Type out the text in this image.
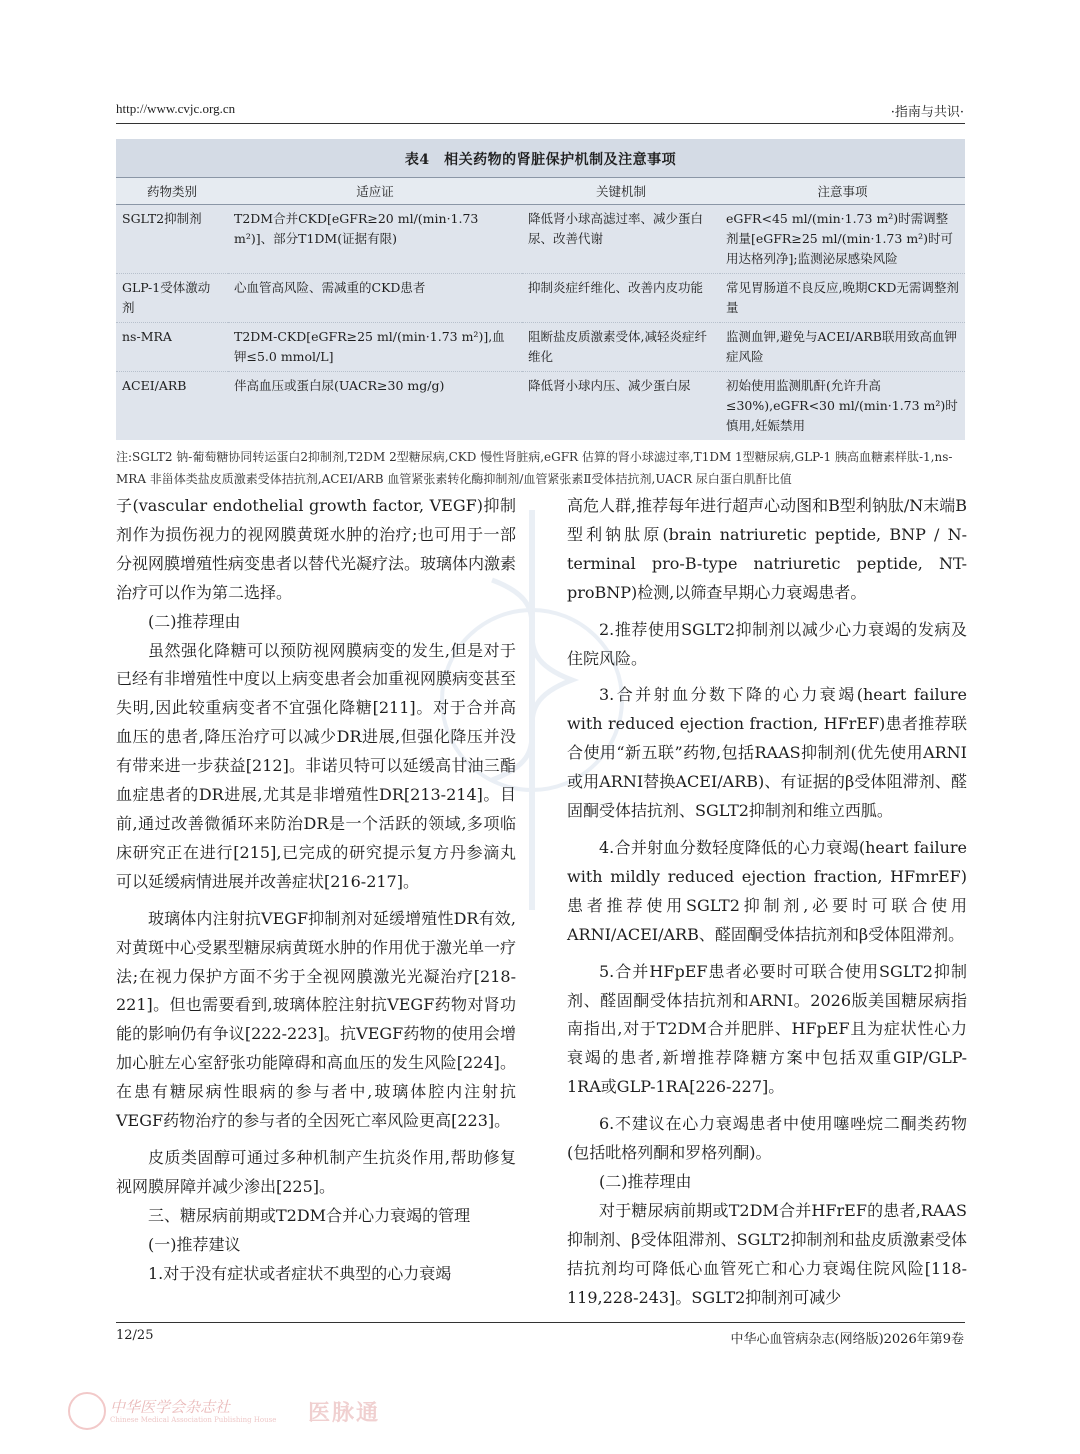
http://www.cvjc.org.cn	·指南与共识·
表4　相关药物的肾脏保护机制及注意事项
药物类别	适应证	关键机制	注意事项
SGLT2抑制剂	T2DM合并CKD[eGFR≥20 ml/(min·1.73 m²)]、部分T1DM(证据有限)	降低肾小球高滤过率、减少蛋白尿、改善代谢	eGFR<45 ml/(min·1.73 m²)时需调整剂量[eGFR≥25 ml/(min·1.73 m²)时可用达格列净];监测泌尿感染风险
GLP-1受体激动剂	心血管高风险、需减重的CKD患者	抑制炎症纤维化、改善内皮功能	常见胃肠道不良反应,晚期CKD无需调整剂量
ns-MRA	T2DM-CKD[eGFR≥25 ml/(min·1.73 m²)],血钾≤5.0 mmol/L]	阻断盐皮质激素受体,减轻炎症纤维化	监测血钾,避免与ACEI/ARB联用致高血钾症风险
ACEI/ARB	伴高血压或蛋白尿(UACR≥30 mg/g)	降低肾小球内压、减少蛋白尿	初始使用监测肌酐(允许升高≤30%),eGFR<30 ml/(min·1.73 m²)时慎用,妊娠禁用
注:SGLT2 钠-葡萄糖协同转运蛋白2抑制剂,T2DM 2型糖尿病,CKD 慢性肾脏病,eGFR 估算的肾小球滤过率,T1DM 1型糖尿病,GLP-1 胰高血糖素样肽-1,ns-MRA 非甾体类盐皮质激素受体拮抗剂,ACEI/ARB 血管紧张素转化酶抑制剂/血管紧张素Ⅱ受体拮抗剂,UACR 尿白蛋白肌酐比值

子(vascular endothelial growth factor, VEGF)抑制剂作为损伤视力的视网膜黄斑水肿的治疗;也可用于一部分视网膜增殖性病变患者以替代光凝疗法。玻璃体内激素治疗可以作为第二选择。

(二)推荐理由

虽然强化降糖可以预防视网膜病变的发生,但是对于已经有非增殖性中度以上病变患者会加重视网膜病变甚至失明,因此较重病变者不宜强化降糖[211]。对于合并高血压的患者,降压治疗可以减少DR进展,但强化降压并没有带来进一步获益[212]。非诺贝特可以延缓高甘油三酯血症患者的DR进展,尤其是非增殖性DR[213-214]。目前,通过改善微循环来防治DR是一个活跃的领域,多项临床研究正在进行[215],已完成的研究提示复方丹参滴丸可以延缓病情进展并改善症状[216-217]。

玻璃体内注射抗VEGF抑制剂对延缓增殖性DR有效,对黄斑中心受累型糖尿病黄斑水肿的作用优于激光单一疗法;在视力保护方面不劣于全视网膜激光光凝治疗[218-221]。但也需要看到,玻璃体腔注射抗VEGF药物对肾功能的影响仍有争议[222-223]。抗VEGF药物的使用会增加心脏左心室舒张功能障碍和高血压的发生风险[224]。在患有糖尿病性眼病的参与者中,玻璃体腔内注射抗VEGF药物治疗的参与者的全因死亡率风险更高[223]。

皮质类固醇可通过多种机制产生抗炎作用,帮助修复视网膜屏障并减少渗出[225]。

三、糖尿病前期或T2DM合并心力衰竭的管理

(一)推荐建议

1.对于没有症状或者症状不典型的心力衰竭

高危人群,推荐每年进行超声心动图和B型利钠肽/N末端B型利钠肽原(brain natriuretic peptide, BNP / N-terminal pro-B-type natriuretic peptide, NT-proBNP)检测,以筛查早期心力衰竭患者。

2.推荐使用SGLT2抑制剂以减少心力衰竭的发病及住院风险。

3.合并射血分数下降的心力衰竭(heart failure with reduced ejection fraction, HFrEF)患者推荐联合使用“新五联”药物,包括RAAS抑制剂(优先使用ARNI或用ARNI替换ACEI/ARB)、有证据的β受体阻滞剂、醛固酮受体拮抗剂、SGLT2抑制剂和维立西胍。

4.合并射血分数轻度降低的心力衰竭(heart failure with mildly reduced ejection fraction, HFmrEF)患者推荐使用SGLT2抑制剂,必要时可联合使用ARNI/ACEI/ARB、醛固酮受体拮抗剂和β受体阻滞剂。

5.合并HFpEF患者必要时可联合使用SGLT2抑制剂、醛固酮受体拮抗剂和ARNI。2026版美国糖尿病指南指出,对于T2DM合并肥胖、HFpEF且为症状性心力衰竭的患者,新增推荐降糖方案中包括双重GIP/GLP-1RA或GLP-1RA[226-227]。

6.不建议在心力衰竭患者中使用噻唑烷二酮类药物(包括吡格列酮和罗格列酮)。

(二)推荐理由

对于糖尿病前期或T2DM合并HFrEF的患者,RAAS抑制剂、β受体阻滞剂、SGLT2抑制剂和盐皮质激素受体拮抗剂均可降低心血管死亡和心力衰竭住院风险[118-119,228-243]。SGLT2抑制剂可减少

12/25	中华心血管病杂志(网络版)2026年第9卷
中华医学会杂志社
Chinese Medical Association Publishing House 医脉通
